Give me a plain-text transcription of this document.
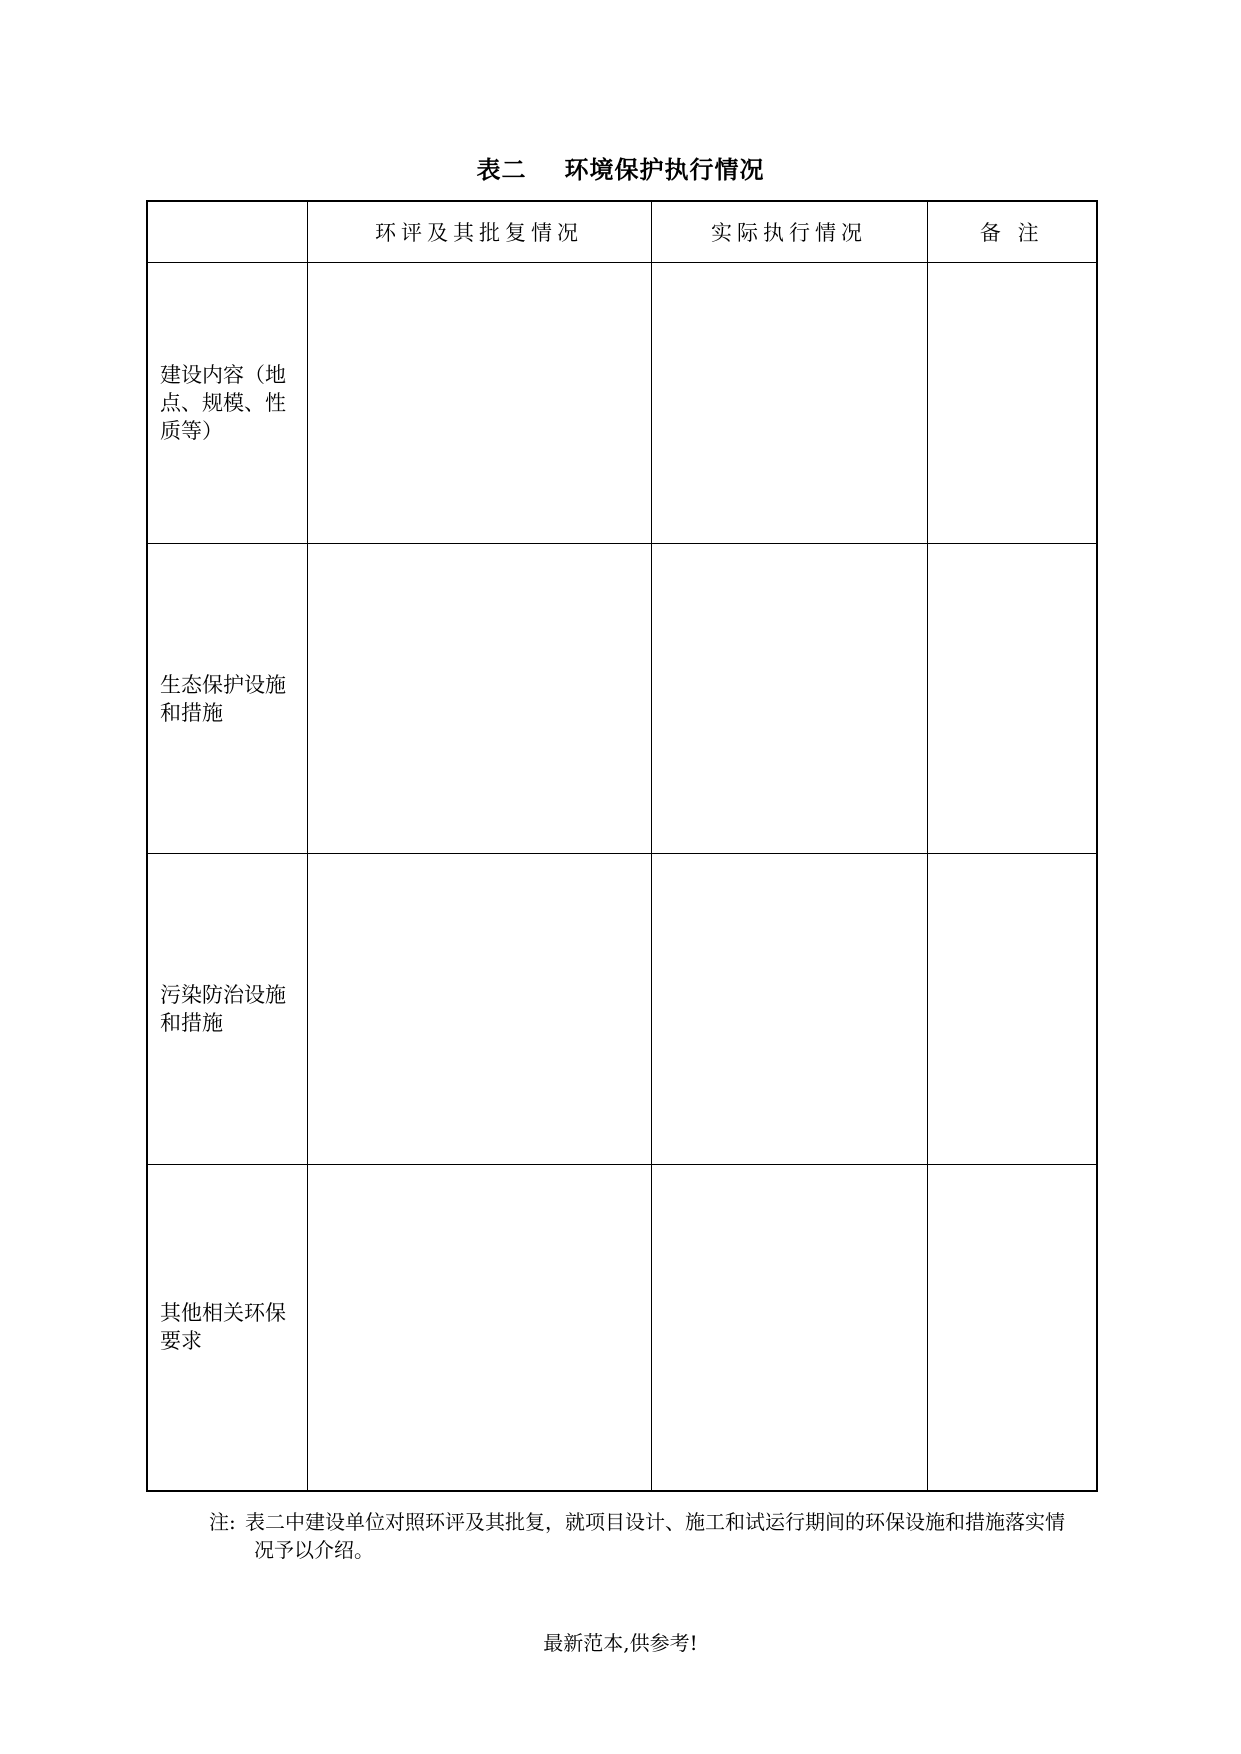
表二 环境保护执行情况
	环评及其批复情况	实际执行情况	备 注
建设内容（地点、规模、性质等）			
生态保护设施和措施			
污染防治设施和措施			
其他相关环保要求			
注: 表二中建设单位对照环评及其批复，就项目设计、施工和试运行期间的环保设施和措施落实情况予以介绍。
最新范本,供参考!
